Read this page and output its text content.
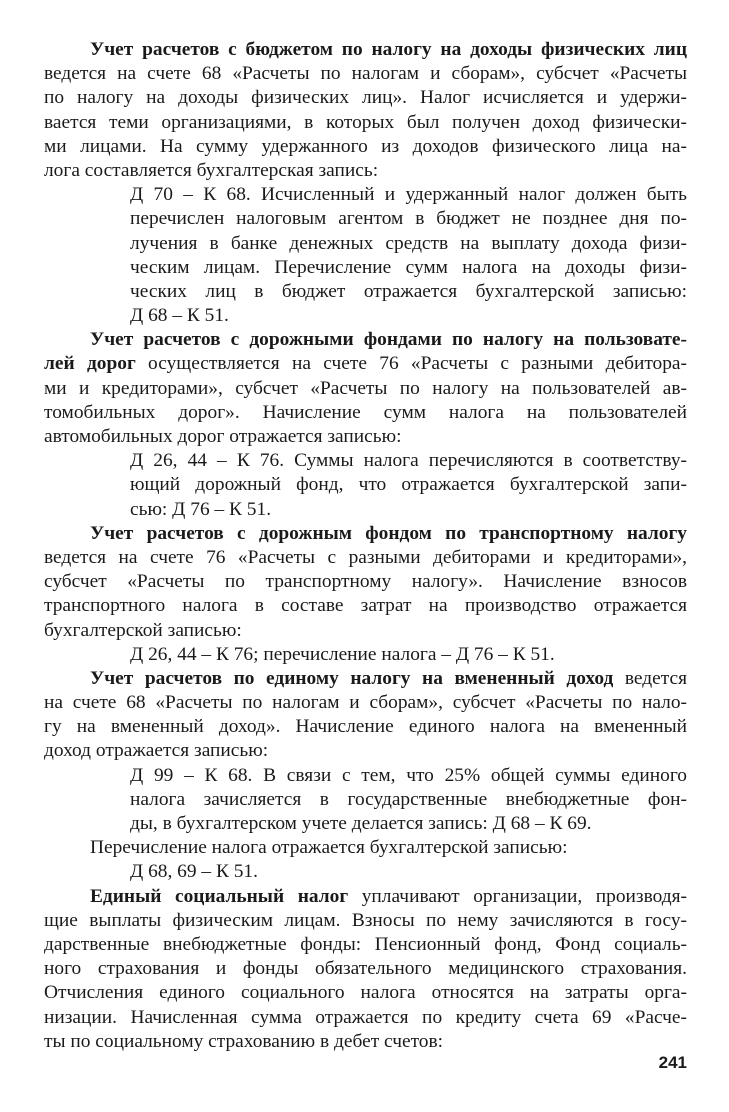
Учет расчетов с бюджетом по налогу на доходы физических лиц
ведется на счете 68 «Расчеты по налогам и сборам», субсчет «Расчеты
по налогу на доходы физических лиц». Налог исчисляется и удержи-
вается теми организациями, в которых был получен доход физически-
ми лицами. На сумму удержанного из доходов физического лица на-
лога составляется бухгалтерская запись:
Д 70 – К 68. Исчисленный и удержанный налог должен быть
перечислен налоговым агентом в бюджет не позднее дня по-
лучения в банке денежных средств на выплату дохода физи-
ческим лицам. Перечисление сумм налога на доходы физи-
ческих лиц в бюджет отражается бухгалтерской записью:
Д 68 – К 51.
Учет расчетов с дорожными фондами по налогу на пользовате-
лей дорог осуществляется на счете 76 «Расчеты с разными дебитора-
ми и кредиторами», субсчет «Расчеты по налогу на пользователей ав-
томобильных дорог». Начисление сумм налога на пользователей
автомобильных дорог отражается записью:
Д 26, 44 – К 76. Суммы налога перечисляются в соответству-
ющий дорожный фонд, что отражается бухгалтерской запи-
сью: Д 76 – К 51.
Учет расчетов с дорожным фондом по транспортному налогу
ведется на счете 76 «Расчеты с разными дебиторами и кредиторами»,
субсчет «Расчеты по транспортному налогу». Начисление взносов
транспортного налога в составе затрат на производство отражается
бухгалтерской записью:
Д 26, 44 – К 76; перечисление налога – Д 76 – К 51.
Учет расчетов по единому налогу на вмененный доход ведется
на счете 68 «Расчеты по налогам и сборам», субсчет «Расчеты по нало-
гу на вмененный доход». Начисление единого налога на вмененный
доход отражается записью:
Д 99 – К 68. В связи с тем, что 25% общей суммы единого
налога зачисляется в государственные внебюджетные фон-
ды, в бухгалтерском учете делается запись: Д 68 – К 69.
Перечисление налога отражается бухгалтерской записью:
Д 68, 69 – К 51.
Единый социальный налог уплачивают организации, производя-
щие выплаты физическим лицам. Взносы по нему зачисляются в госу-
дарственные внебюджетные фонды: Пенсионный фонд, Фонд социаль-
ного страхования и фонды обязательного медицинского страхования.
Отчисления единого социального налога относятся на затраты орга-
низации. Начисленная сумма отражается по кредиту счета 69 «Расче-
ты по социальному страхованию в дебет счетов:
241
